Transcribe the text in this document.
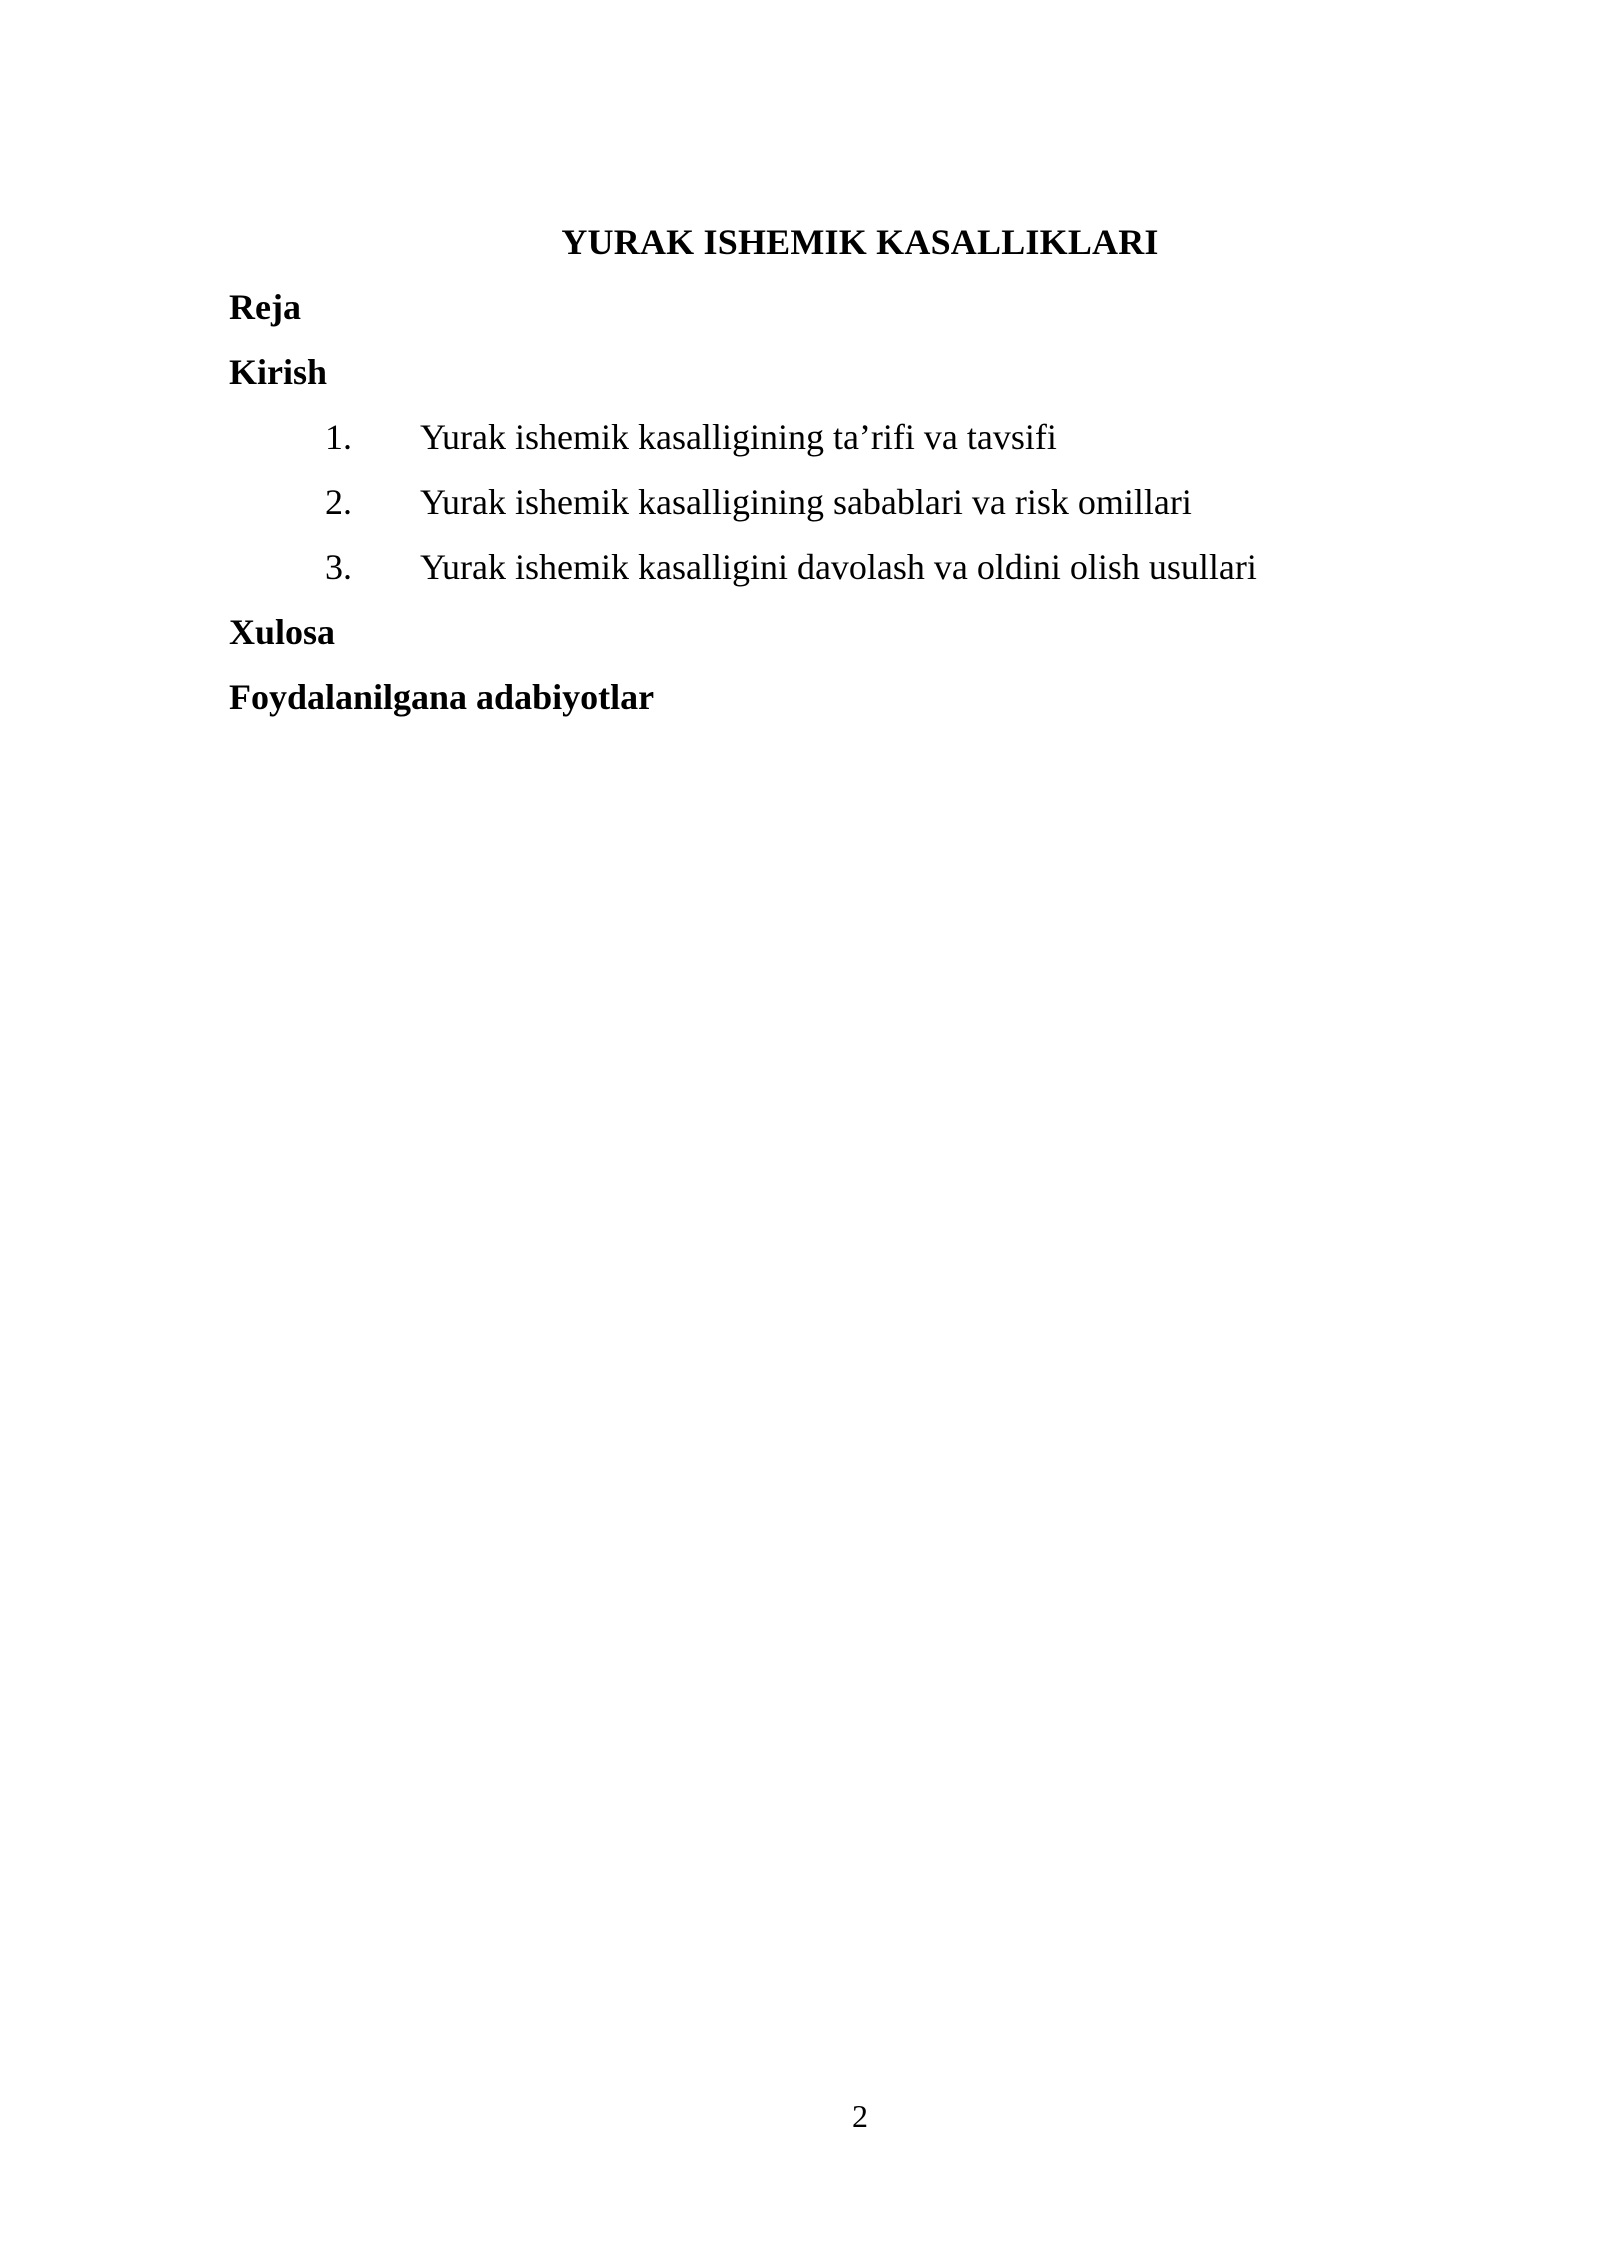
YURAK ISHEMIK KASALLIKLARI
Reja
Kirish
1. Yurak ishemik kasalligining ta’rifi va tavsifi
2. Yurak ishemik kasalligining sabablari va risk omillari
3. Yurak ishemik kasalligini davolash va oldini olish usullari
Xulosa
Foydalanilgana adabiyotlar
2
